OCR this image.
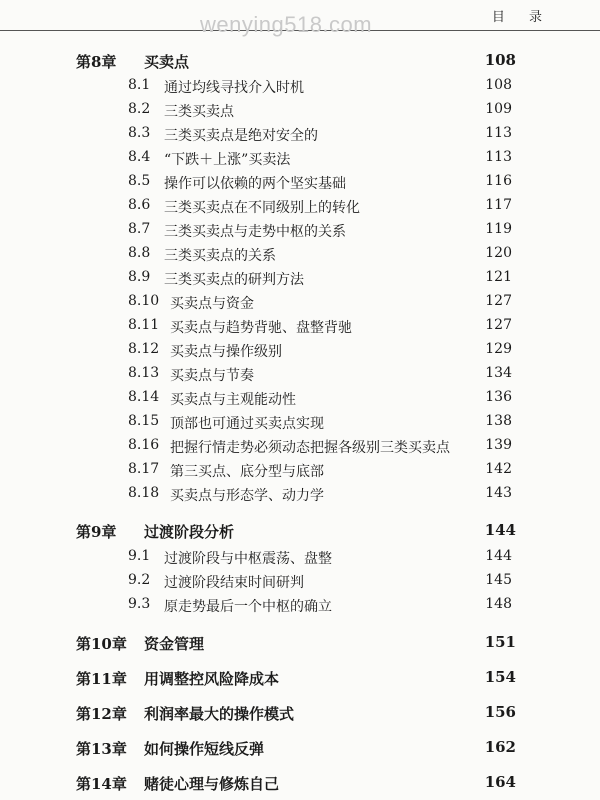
目 录
wenying518.com
第8章 买卖点	108
8.1 通过均线寻找介入时机	108
8.2 三类买卖点	109
8.3 三类买卖点是绝对安全的	113
8.4 “下跌＋上涨”买卖法	113
8.5 操作可以依赖的两个坚实基础	116
8.6 三类买卖点在不同级别上的转化	117
8.7 三类买卖点与走势中枢的关系	119
8.8 三类买卖点的关系	120
8.9 三类买卖点的研判方法	121
8.10 买卖点与资金	127
8.11 买卖点与趋势背驰、盘整背驰	127
8.12 买卖点与操作级别	129
8.13 买卖点与节奏	134
8.14 买卖点与主观能动性	136
8.15 顶部也可通过买卖点实现	138
8.16 把握行情走势必须动态把握各级别三类买卖点	139
8.17 第三买点、底分型与底部	142
8.18 买卖点与形态学、动力学	143
第9章 过渡阶段分析	144
9.1 过渡阶段与中枢震荡、盘整	144
9.2 过渡阶段结束时间研判	145
9.3 原走势最后一个中枢的确立	148
第10章 资金管理	151
第11章 用调整控风险降成本	154
第12章 利润率最大的操作模式	156
第13章 如何操作短线反弹	162
第14章 赌徒心理与修炼自己	164
